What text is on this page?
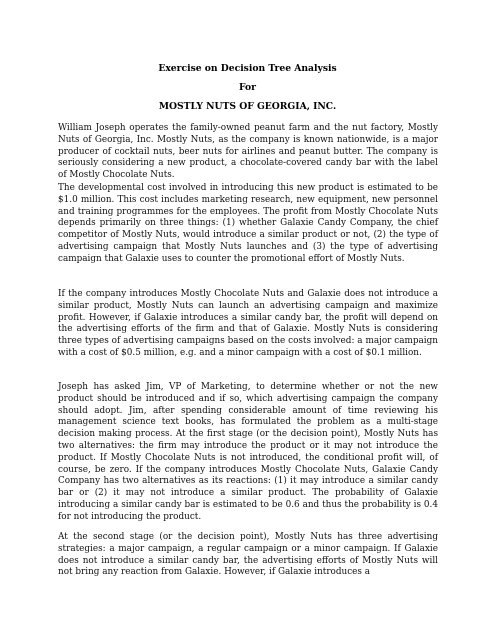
Exercise on Decision Tree Analysis
For
MOSTLY NUTS OF GEORGIA, INC.

William Joseph operates the family-owned peanut farm and the nut factory, Mostly Nuts of Georgia, Inc. Mostly Nuts, as the company is known nationwide, is a major producer of cocktail nuts, beer nuts for airlines and peanut butter. The company is seriously considering a new product, a chocolate-covered candy bar with the label of Mostly Chocolate Nuts.

The developmental cost involved in introducing this new product is estimated to be $1.0 million. This cost includes marketing research, new equipment, new personnel and training programmes for the employees. The profit from Mostly Chocolate Nuts depends primarily on three things: (1) whether Galaxie Candy Company, the chief competitor of Mostly Nuts, would introduce a similar product or not, (2) the type of advertising campaign that Mostly Nuts launches and (3) the type of advertising campaign that Galaxie uses to counter the promotional effort of Mostly Nuts.

If the company introduces Mostly Chocolate Nuts and Galaxie does not introduce a similar product, Mostly Nuts can launch an advertising campaign and maximize profit. However, if Galaxie introduces a similar candy bar, the profit will depend on the advertising efforts of the firm and that of Galaxie. Mostly Nuts is considering three types of advertising campaigns based on the costs involved: a major campaign with a cost of $0.5 million, e.g. and a minor campaign with a cost of $0.1 million.

Joseph has asked Jim, VP of Marketing, to determine whether or not the new product should be introduced and if so, which advertising campaign the company should adopt. Jim, after spending considerable amount of time reviewing his management science text books, has formulated the problem as a multi-stage decision making process. At the first stage (or the decision point), Mostly Nuts has two alternatives: the firm may introduce the product or it may not introduce the product. If Mostly Chocolate Nuts is not introduced, the conditional profit will, of course, be zero. If the company introduces Mostly Chocolate Nuts, Galaxie Candy Company has two alternatives as its reactions: (1) it may introduce a similar candy bar or (2) it may not introduce a similar product. The probability of Galaxie introducing a similar candy bar is estimated to be 0.6 and thus the probability is 0.4 for not introducing the product.

At the second stage (or the decision point), Mostly Nuts has three advertising strategies: a major campaign, a regular campaign or a minor campaign. If Galaxie does not introduce a similar candy bar, the advertising efforts of Mostly Nuts will not bring any reaction from Galaxie. However, if Galaxie introduces a
